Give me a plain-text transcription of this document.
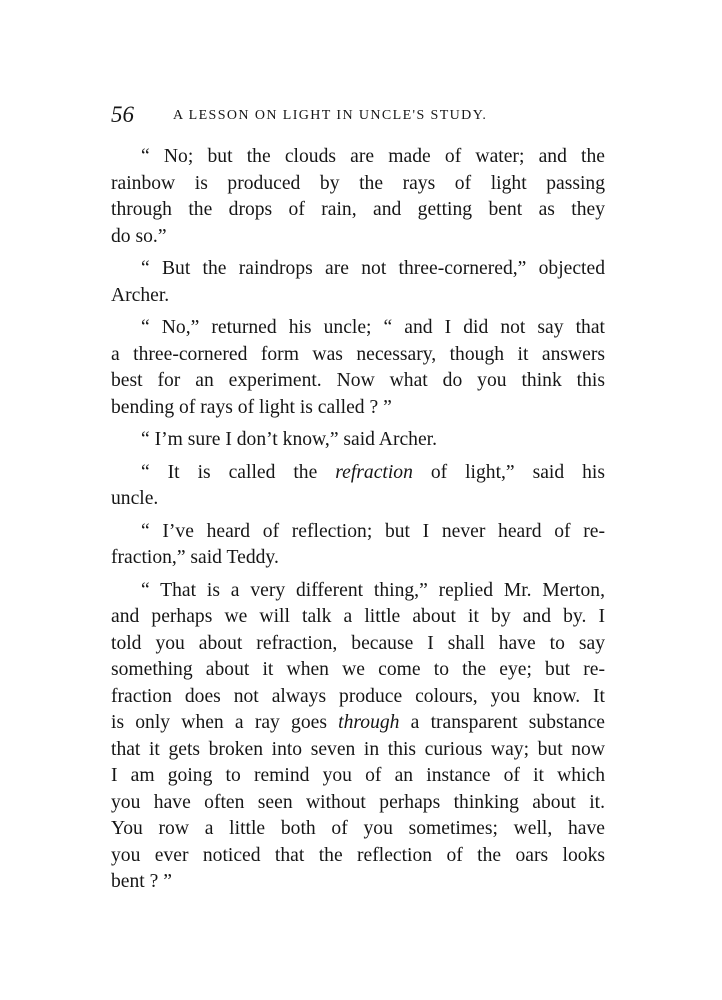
56	A LESSON ON LIGHT IN UNCLE'S STUDY.

“ No; but the clouds are made of water; and the
rainbow is produced by the rays of light passing
through the drops of rain, and getting bent as they
do so.”

“ But the raindrops are not three-cornered,” objected
Archer.

“ No,” returned his uncle; “ and I did not say that
a three-cornered form was necessary, though it answers
best for an experiment. Now what do you think this
bending of rays of light is called ? ”

“ I’m sure I don’t know,” said Archer.

“ It is called the refraction of light,” said his
uncle.

“ I’ve heard of reflection; but I never heard of re-
fraction,” said Teddy.

“ That is a very different thing,” replied Mr. Merton,
and perhaps we will talk a little about it by and by. I
told you about refraction, because I shall have to say
something about it when we come to the eye; but re-
fraction does not always produce colours, you know. It
is only when a ray goes through a transparent substance
that it gets broken into seven in this curious way; but now
I am going to remind you of an instance of it which
you have often seen without perhaps thinking about it.
You row a little both of you sometimes; well, have
you ever noticed that the reflection of the oars looks
bent ? ”
